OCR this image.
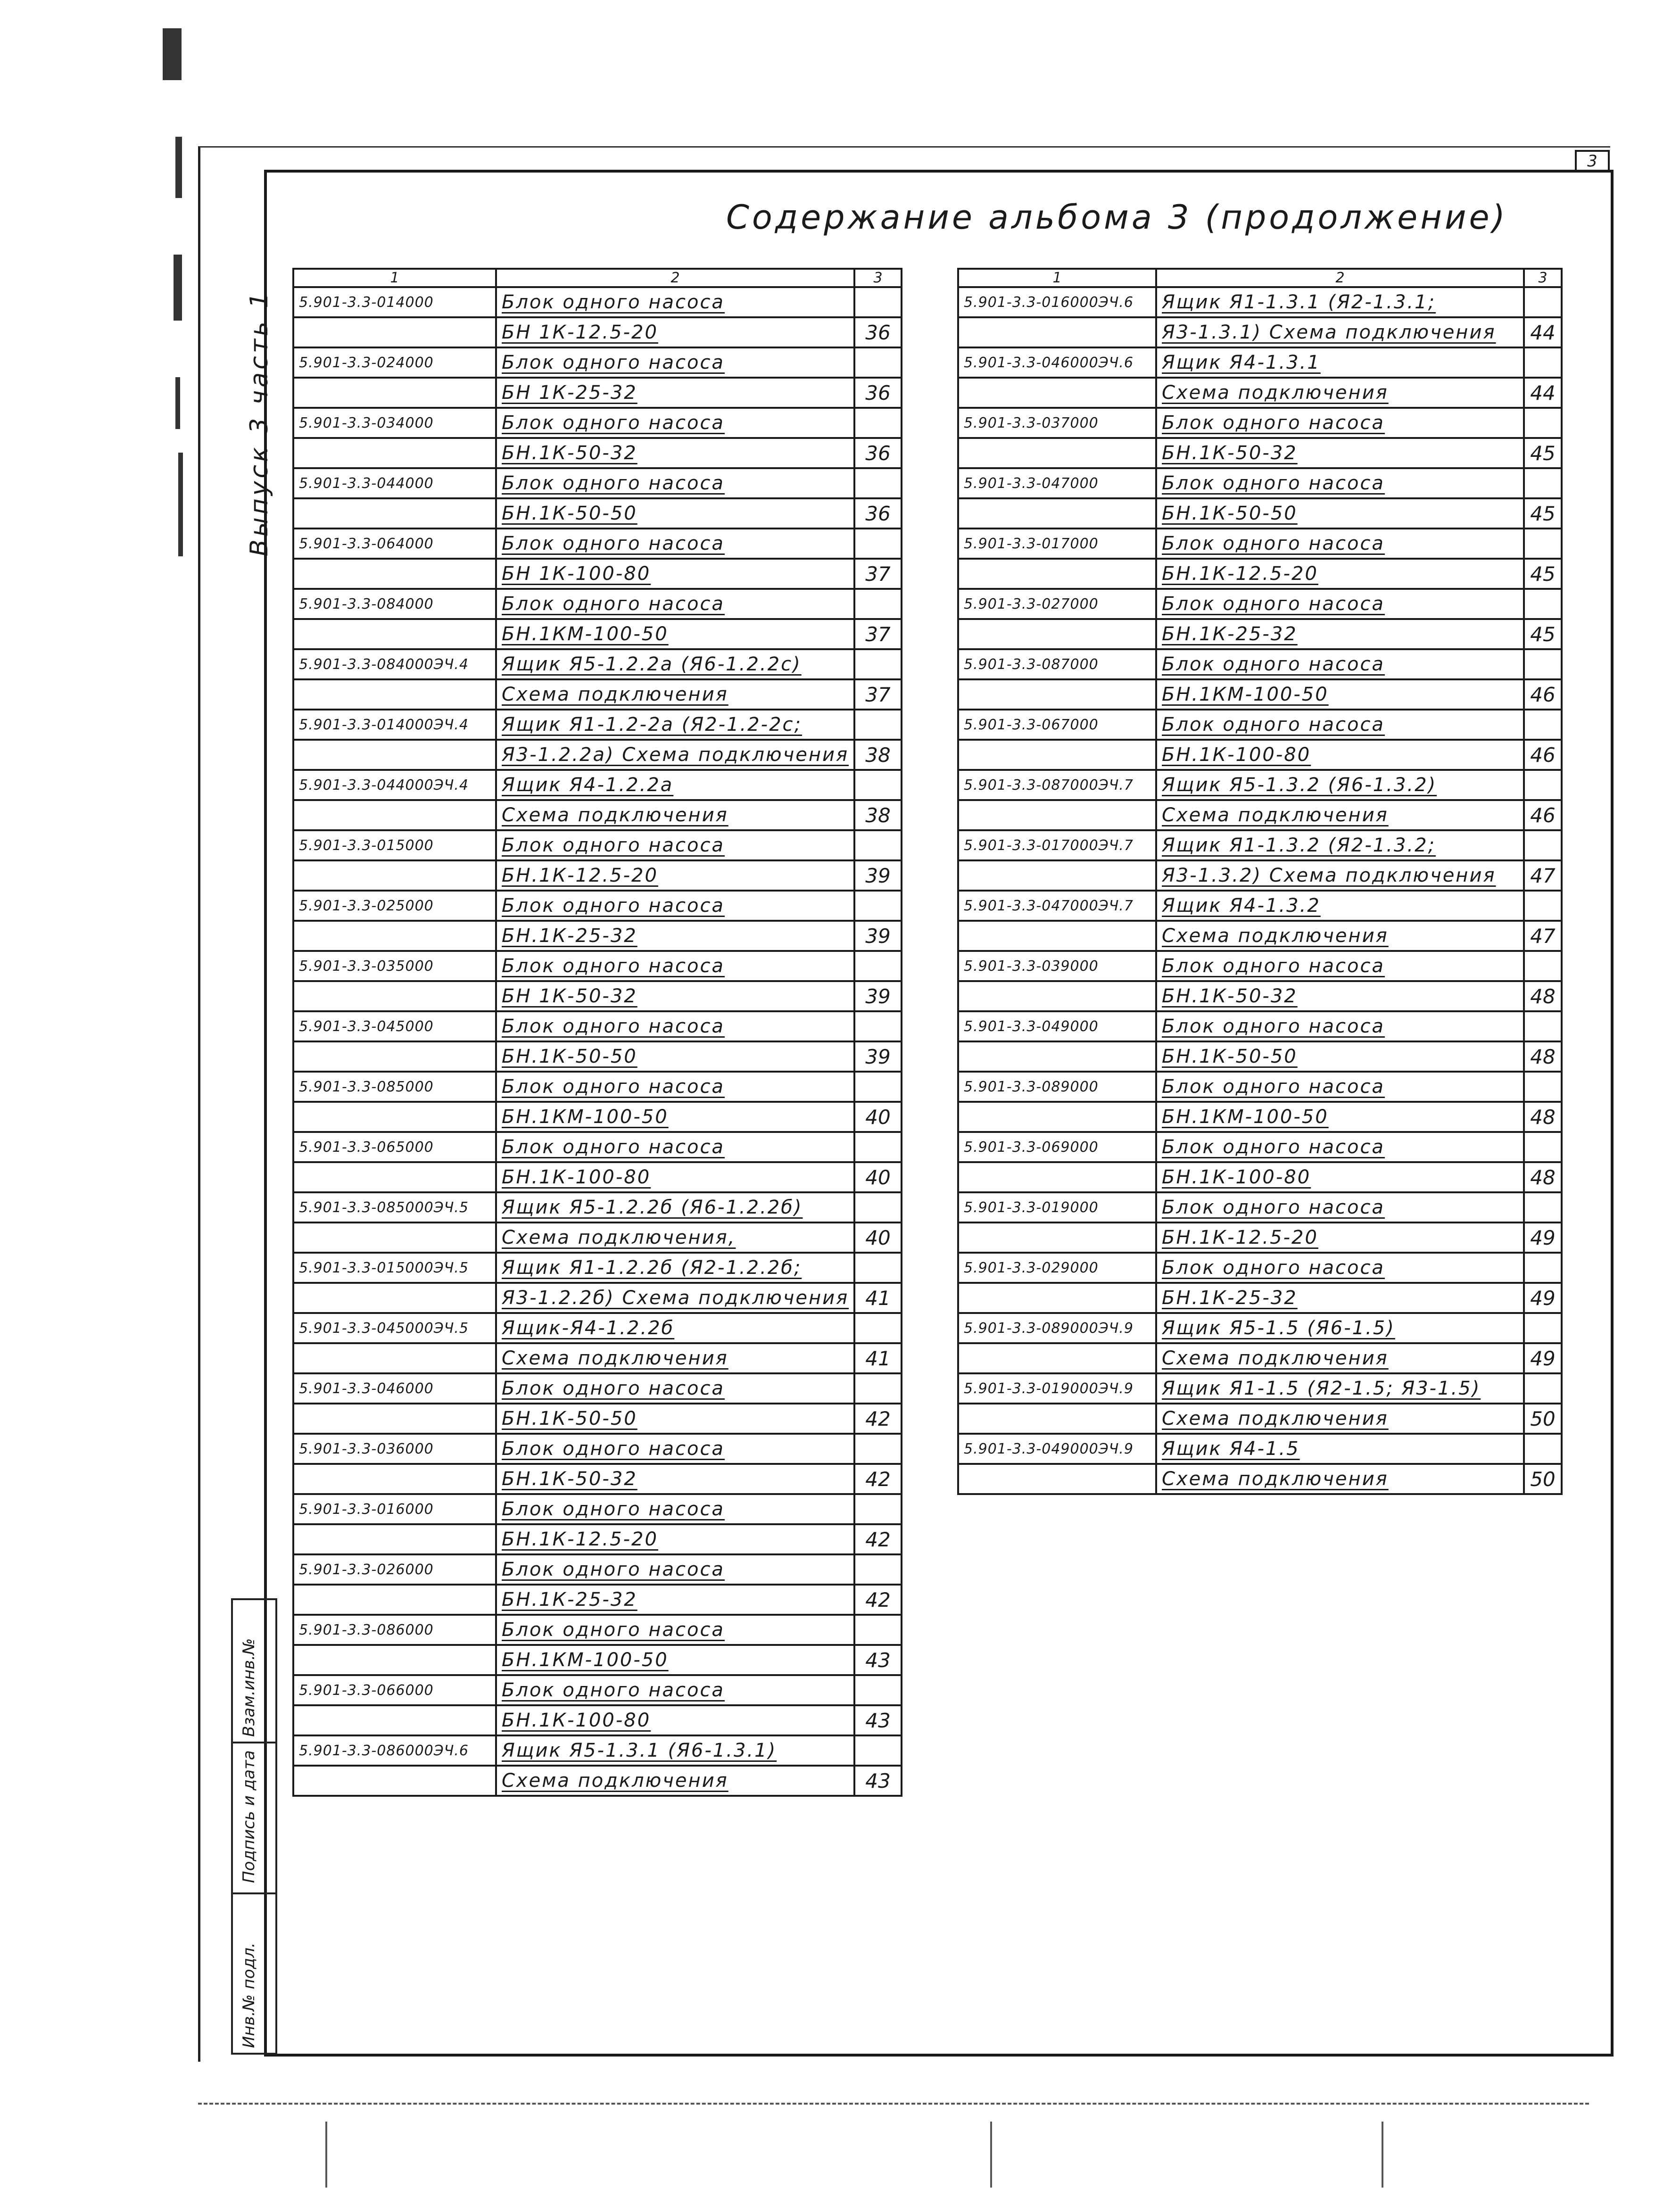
3
Содержание альбома 3 (продолжение)
Выпуск 3 часть 1
Инв.№ подл.
Подпись и дата
Взам.инв.№
1	2	3
5.901-3.3-014000	Блок одного насоса	
	БН 1К-12.5-20	36
5.901-3.3-024000	Блок одного насоса	
	БН 1К-25-32	36
5.901-3.3-034000	Блок одного насоса	
	БН.1К-50-32	36
5.901-3.3-044000	Блок одного насоса	
	БН.1К-50-50	36
5.901-3.3-064000	Блок одного насоса	
	БН 1К-100-80	37
5.901-3.3-084000	Блок одного насоса	
	БН.1КМ-100-50	37
5.901-3.3-084000ЭЧ.4	Ящик Я5-1.2.2а (Я6-1.2.2с)	
	Схема подключения	37
5.901-3.3-014000ЭЧ.4	Ящик Я1-1.2-2а (Я2-1.2-2с;	
	Я3-1.2.2а) Схема подключения	38
5.901-3.3-044000ЭЧ.4	Ящик Я4-1.2.2а	
	Схема подключения	38
5.901-3.3-015000	Блок одного насоса	
	БН.1К-12.5-20	39
5.901-3.3-025000	Блок одного насоса	
	БН.1К-25-32	39
5.901-3.3-035000	Блок одного насоса	
	БН 1К-50-32	39
5.901-3.3-045000	Блок одного насоса	
	БН.1К-50-50	39
5.901-3.3-085000	Блок одного насоса	
	БН.1КМ-100-50	40
5.901-3.3-065000	Блок одного насоса	
	БН.1К-100-80	40
5.901-3.3-085000ЭЧ.5	Ящик Я5-1.2.2б (Я6-1.2.2б)	
	Схема подключения,	40
5.901-3.3-015000ЭЧ.5	Ящик Я1-1.2.2б (Я2-1.2.2б;	
	Я3-1.2.2б) Схема подключения	41
5.901-3.3-045000ЭЧ.5	Ящик-Я4-1.2.2б	
	Схема подключения	41
5.901-3.3-046000	Блок одного насоса	
	БН.1К-50-50	42
5.901-3.3-036000	Блок одного насоса	
	БН.1К-50-32	42
5.901-3.3-016000	Блок одного насоса	
	БН.1К-12.5-20	42
5.901-3.3-026000	Блок одного насоса	
	БН.1К-25-32	42
5.901-3.3-086000	Блок одного насоса	
	БН.1КМ-100-50	43
5.901-3.3-066000	Блок одного насоса	
	БН.1К-100-80	43
5.901-3.3-086000ЭЧ.6	Ящик Я5-1.3.1 (Я6-1.3.1)	
	Схема подключения	43
1	2	3
5.901-3.3-016000ЭЧ.6	Ящик Я1-1.3.1 (Я2-1.3.1;	
	Я3-1.3.1) Схема подключения	44
5.901-3.3-046000ЭЧ.6	Ящик Я4-1.3.1	
	Схема подключения	44
5.901-3.3-037000	Блок одного насоса	
	БН.1К-50-32	45
5.901-3.3-047000	Блок одного насоса	
	БН.1К-50-50	45
5.901-3.3-017000	Блок одного насоса	
	БН.1К-12.5-20	45
5.901-3.3-027000	Блок одного насоса	
	БН.1К-25-32	45
5.901-3.3-087000	Блок одного насоса	
	БН.1КМ-100-50	46
5.901-3.3-067000	Блок одного насоса	
	БН.1К-100-80	46
5.901-3.3-087000ЭЧ.7	Ящик Я5-1.3.2 (Я6-1.3.2)	
	Схема подключения	46
5.901-3.3-017000ЭЧ.7	Ящик Я1-1.3.2 (Я2-1.3.2;	
	Я3-1.3.2) Схема подключения	47
5.901-3.3-047000ЭЧ.7	Ящик Я4-1.3.2	
	Схема подключения	47
5.901-3.3-039000	Блок одного насоса	
	БН.1К-50-32	48
5.901-3.3-049000	Блок одного насоса	
	БН.1К-50-50	48
5.901-3.3-089000	Блок одного насоса	
	БН.1КМ-100-50	48
5.901-3.3-069000	Блок одного насоса	
	БН.1К-100-80	48
5.901-3.3-019000	Блок одного насоса	
	БН.1К-12.5-20	49
5.901-3.3-029000	Блок одного насоса	
	БН.1К-25-32	49
5.901-3.3-089000ЭЧ.9	Ящик Я5-1.5 (Я6-1.5)	
	Схема подключения	49
5.901-3.3-019000ЭЧ.9	Ящик Я1-1.5 (Я2-1.5; Я3-1.5)	
	Схема подключения	50
5.901-3.3-049000ЭЧ.9	Ящик Я4-1.5	
	Схема подключения	50
